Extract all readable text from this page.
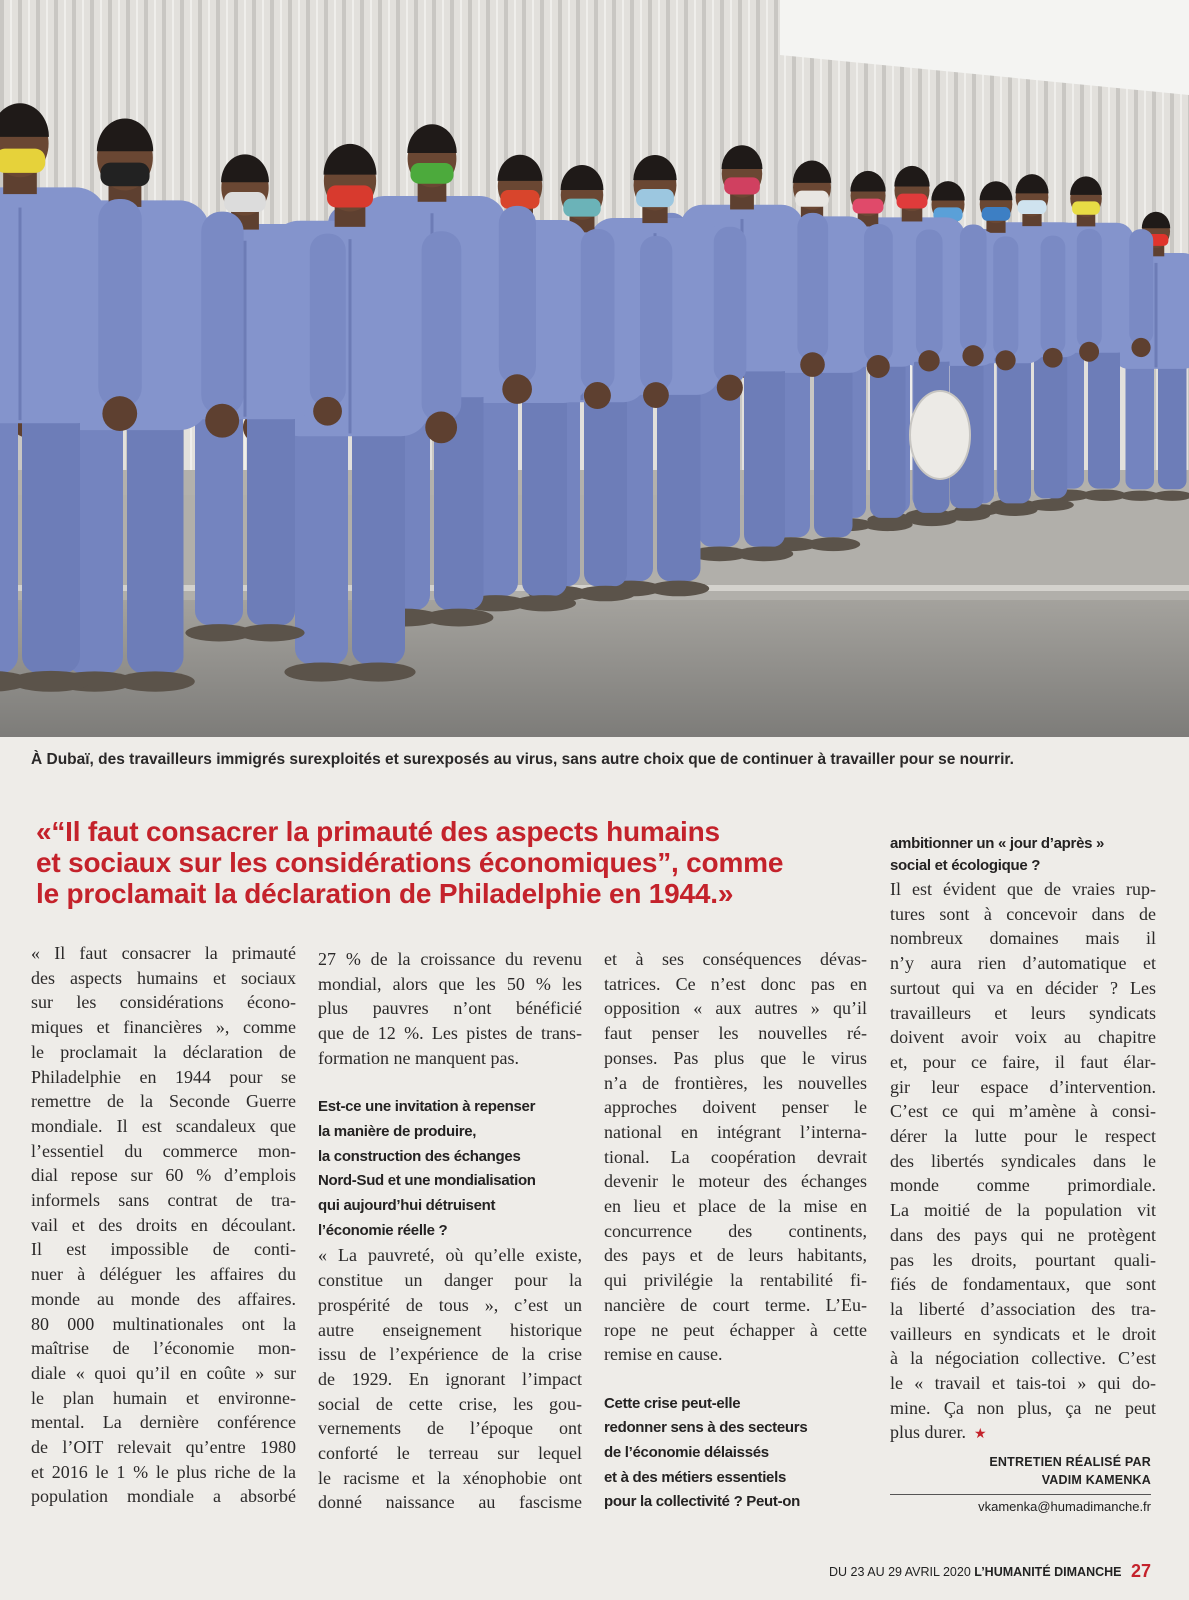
À Dubaï, des travailleurs immigrés surexploités et surexposés au virus, sans autre choix que de continuer à travailler pour se nourrir.
«“Il faut consacrer la primauté des aspects humains
et sociaux sur les considérations économiques”, comme
le proclamait la déclaration de Philadelphie en 1944.»
« Il faut consacrer la primauté
des aspects humains et sociaux
sur les considérations écono-
miques et financières », comme
le proclamait la déclaration de
Philadelphie en 1944 pour se
remettre de la Seconde Guerre
mondiale. Il est scandaleux que
l’essentiel du commerce mon-
dial repose sur 60 % d’emplois
informels sans contrat de tra-
vail et des droits en découlant.
Il est impossible de conti-
nuer à déléguer les affaires du
monde au monde des affaires.
80 000 multinationales ont la
maîtrise de l’économie mon-
diale « quoi qu’il en coûte » sur
le plan humain et environne-
mental. La dernière conférence
de l’OIT relevait qu’entre 1980
et 2016 le 1 % le plus riche de la
population mondiale a absorbé
27 % de la croissance du revenu
mondial, alors que les 50 % les
plus pauvres n’ont bénéficié
que de 12 %. Les pistes de trans-
formation ne manquent pas.
Est-ce une invitation à repenser
la manière de produire,
la construction des échanges
Nord-Sud et une mondialisation
qui aujourd’hui détruisent
l’économie réelle ?
« La pauvreté, où qu’elle existe,
constitue un danger pour la
prospérité de tous », c’est un
autre enseignement historique
issu de l’expérience de la crise
de 1929. En ignorant l’impact
social de cette crise, les gou-
vernements de l’époque ont
conforté le terreau sur lequel
le racisme et la xénophobie ont
donné naissance au fascisme
et à ses conséquences dévas-
tatrices. Ce n’est donc pas en
opposition « aux autres » qu’il
faut penser les nouvelles ré-
ponses. Pas plus que le virus
n’a de frontières, les nouvelles
approches doivent penser le
national en intégrant l’interna-
tional. La coopération devrait
devenir le moteur des échanges
en lieu et place de la mise en
concurrence des continents,
des pays et de leurs habitants,
qui privilégie la rentabilité fi-
nancière de court terme. L’Eu-
rope ne peut échapper à cette
remise en cause.
Cette crise peut-elle
redonner sens à des secteurs
de l’économie délaissés
et à des métiers essentiels
pour la collectivité ? Peut-on
ambitionner un « jour d’après »
social et écologique ?
Il est évident que de vraies rup-
tures sont à concevoir dans de
nombreux domaines mais il
n’y aura rien d’automatique et
surtout qui va en décider ? Les
travailleurs et leurs syndicats
doivent avoir voix au chapitre
et, pour ce faire, il faut élar-
gir leur espace d’intervention.
C’est ce qui m’amène à consi-
dérer la lutte pour le respect
des libertés syndicales dans le
monde comme primordiale.
La moitié de la population vit
dans des pays qui ne protègent
pas les droits, pourtant quali-
fiés de fondamentaux, que sont
la liberté d’association des tra-
vailleurs en syndicats et le droit
à la négociation collective. C’est
le « travail et tais-toi » qui do-
mine. Ça non plus, ça ne peut
plus durer. ★
ENTRETIEN RÉALISÉ PAR
VADIM KAMENKA
vkamenka@humadimanche.fr
DU 23 AU 29 AVRIL 2020 L’HUMANITÉ DIMANCHE 27
